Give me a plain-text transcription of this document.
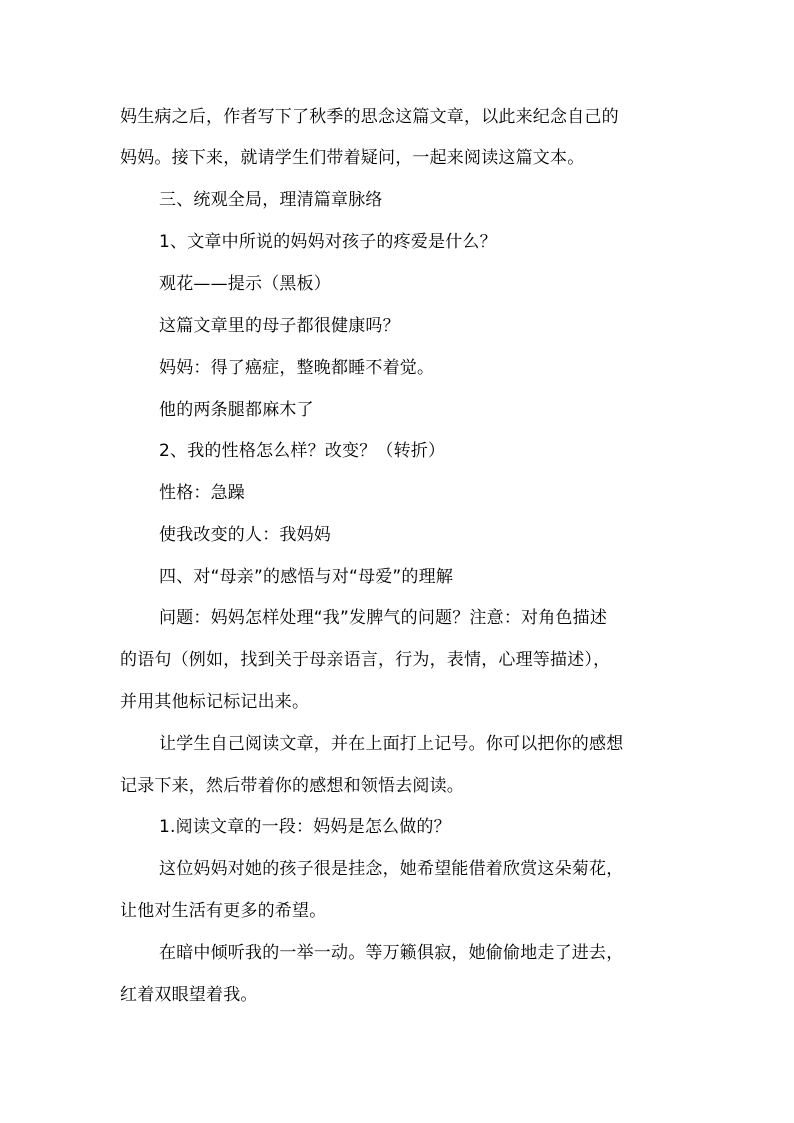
妈生病之后，作者写下了秋季的思念这篇文章，以此来纪念自己的
妈妈。接下来，就请学生们带着疑问，一起来阅读这篇文本。
三、统观全局，理清篇章脉络
1、文章中所说的妈妈对孩子的疼爱是什么？
观花——提示（黑板）
这篇文章里的母子都很健康吗？
妈妈：得了癌症，整晚都睡不着觉。
他的两条腿都麻木了
2、我的性格怎么样？改变？（转折）
性格：急躁
使我改变的人：我妈妈
四、对“母亲”的感悟与对“母爱”的理解
问题：妈妈怎样处理“我”发脾气的问题？注意：对角色描述
的语句（例如，找到关于母亲语言，行为，表情，心理等描述），
并用其他标记标记出来。
让学生自己阅读文章，并在上面打上记号。你可以把你的感想
记录下来，然后带着你的感想和领悟去阅读。
1.阅读文章的一段：妈妈是怎么做的？
这位妈妈对她的孩子很是挂念，她希望能借着欣赏这朵菊花，
让他对生活有更多的希望。
在暗中倾听我的一举一动。等万籁俱寂，她偷偷地走了进去，
红着双眼望着我。
